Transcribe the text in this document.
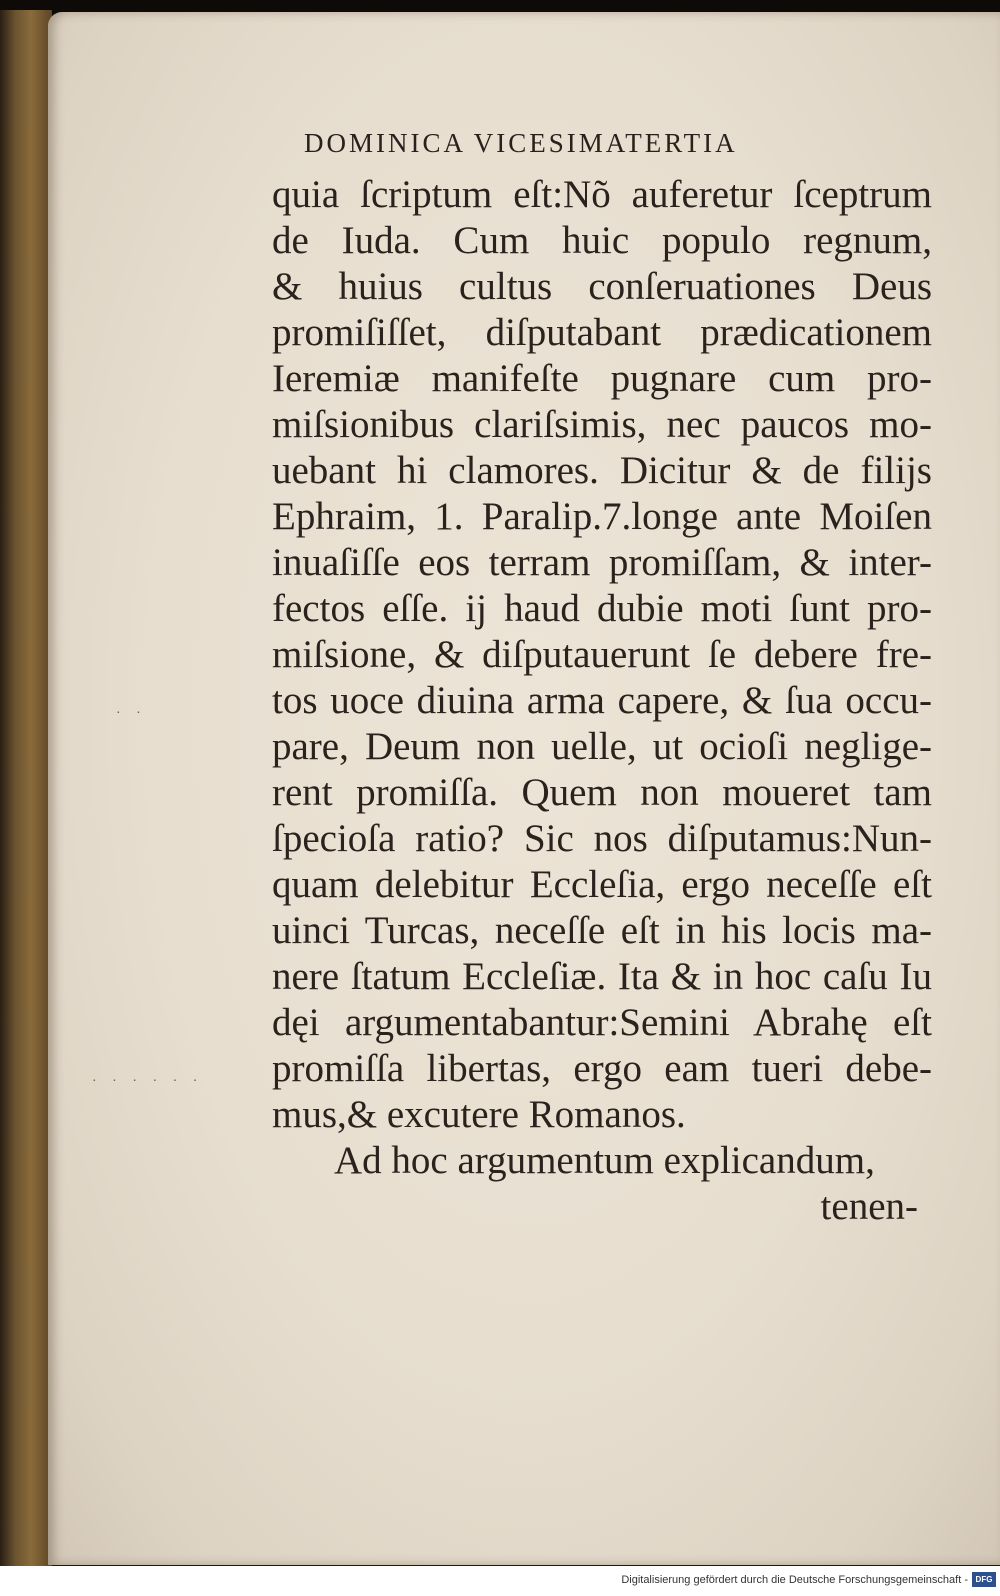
DOMINICA VICESIMATERTIA
quia ſcriptum eſt:Nõ auferetur ſceptrum
de Iuda. Cum huic populo regnum,
& huius cultus conſeruationes Deus
promiſiſſet, diſputabant prædicationem
Ieremiæ manifeſte pugnare cum pro-
miſsionibus clariſsimis, nec paucos mo-
uebant hi clamores. Dicitur & de filijs
Ephraim, 1. Paralip.7.longe ante Moiſen
inuaſiſſe eos terram promiſſam, & inter-
fectos eſſe. ij haud dubie moti ſunt pro-
miſsione, & diſputauerunt ſe debere fre-
tos uoce diuina arma capere, & ſua occu-
pare, Deum non uelle, ut ocioſi neglige-
rent promiſſa. Quem non moueret tam
ſpecioſa ratio? Sic nos diſputamus:Nun-
quam delebitur Eccleſia, ergo neceſſe eſt
uinci Turcas, neceſſe eſt in his locis ma-
nere ſtatum Eccleſiæ. Ita & in hoc caſu Iu
dęi argumentabantur:Semini Abrahę eſt
promiſſa libertas, ergo eam tueri debe-
mus,& excutere Romanos.
Ad hoc argumentum explicandum,
tenen-
· ·
· · · · · ·
Digitalisierung gefördert durch die Deutsche Forschungsgemeinschaft - DFG
